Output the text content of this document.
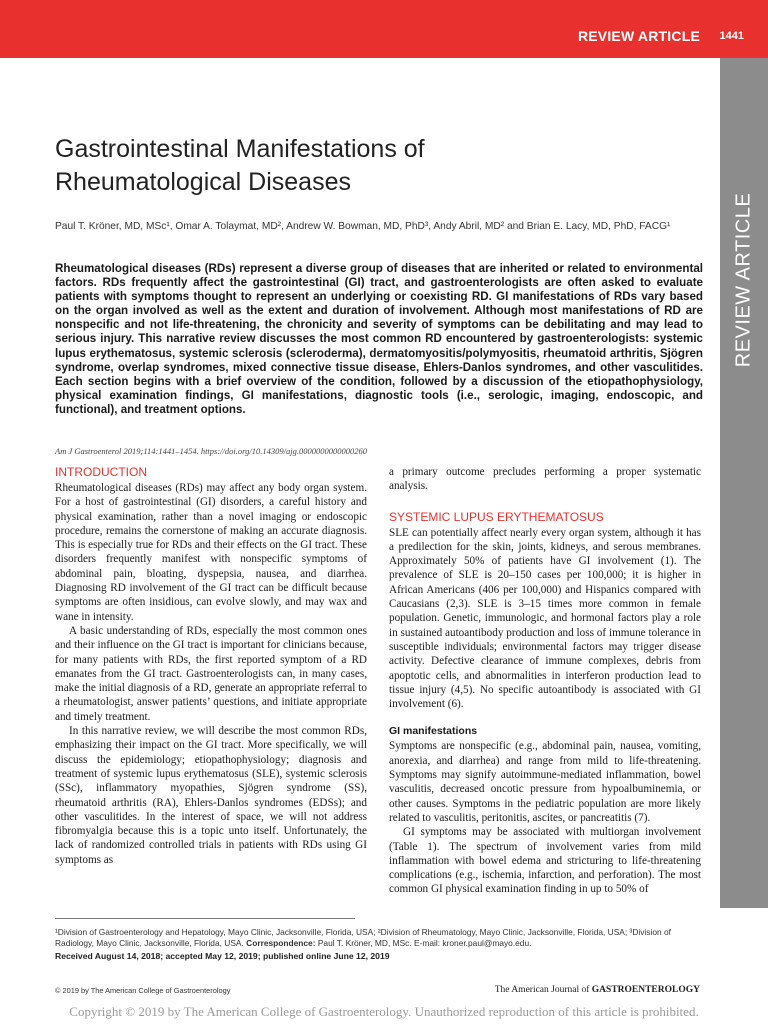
REVIEW ARTICLE 1441
REVIEW ARTICLE
Gastrointestinal Manifestations of
Rheumatological Diseases

Paul T. Kröner, MD, MSc¹, Omar A. Tolaymat, MD², Andrew W. Bowman, MD, PhD³, Andy Abril, MD² and Brian E. Lacy, MD, PhD, FACG¹

Rheumatological diseases (RDs) represent a diverse group of diseases that are inherited or related to environmental factors. RDs frequently affect the gastrointestinal (GI) tract, and gastroenterologists are often asked to evaluate patients with symptoms thought to represent an underlying or coexisting RD. GI manifestations of RDs vary based on the organ involved as well as the extent and duration of involvement. Although most manifestations of RD are nonspecific and not life-threatening, the chronicity and severity of symptoms can be debilitating and may lead to serious injury. This narrative review discusses the most common RD encountered by gastroenterologists: systemic lupus erythematosus, systemic sclerosis (scleroderma), dermatomyositis/polymyositis, rheumatoid arthritis, Sjögren syndrome, overlap syndromes, mixed connective tissue disease, Ehlers-Danlos syndromes, and other vasculitides. Each section begins with a brief overview of the condition, followed by a discussion of the etiopathophysiology, physical examination findings, GI manifestations, diagnostic tools (i.e., serologic, imaging, endoscopic, and functional), and treatment options.

Am J Gastroenterol 2019;114:1441–1454. https://doi.org/10.14309/ajg.0000000000000260

INTRODUCTION

Rheumatological diseases (RDs) may affect any body organ system. For a host of gastrointestinal (GI) disorders, a careful history and physical examination, rather than a novel imaging or endoscopic procedure, remains the cornerstone of making an accurate diagnosis. This is especially true for RDs and their effects on the GI tract. These disorders frequently manifest with nonspecific symptoms of abdominal pain, bloating, dyspepsia, nausea, and diarrhea. Diagnosing RD involvement of the GI tract can be difficult because symptoms are often insidious, can evolve slowly, and may wax and wane in intensity.

A basic understanding of RDs, especially the most common ones and their influence on the GI tract is important for clinicians because, for many patients with RDs, the first reported symptom of a RD emanates from the GI tract. Gastroenterologists can, in many cases, make the initial diagnosis of a RD, generate an appropriate referral to a rheumatologist, answer patients’ questions, and initiate appropriate and timely treatment.

In this narrative review, we will describe the most common RDs, emphasizing their impact on the GI tract. More specifically, we will discuss the epidemiology; etiopathophysiology; diagnosis and treatment of systemic lupus erythematosus (SLE), systemic sclerosis (SSc), inflammatory myopathies, Sjögren syndrome (SS), rheumatoid arthritis (RA), Ehlers-Danlos syndromes (EDSs); and other vasculitides. In the interest of space, we will not address fibromyalgia because this is a topic unto itself. Unfortunately, the lack of randomized controlled trials in patients with RDs using GI symptoms as

a primary outcome precludes performing a proper systematic analysis.

SYSTEMIC LUPUS ERYTHEMATOSUS

SLE can potentially affect nearly every organ system, although it has a predilection for the skin, joints, kidneys, and serous membranes. Approximately 50% of patients have GI involvement (1). The prevalence of SLE is 20–150 cases per 100,000; it is higher in African Americans (406 per 100,000) and Hispanics compared with Caucasians (2,3). SLE is 3–15 times more common in female population. Genetic, immunologic, and hormonal factors play a role in sustained autoantibody production and loss of immune tolerance in susceptible individuals; environmental factors may trigger disease activity. Defective clearance of immune complexes, debris from apoptotic cells, and abnormalities in interferon production lead to tissue injury (4,5). No specific autoantibody is associated with GI involvement (6).

GI manifestations

Symptoms are nonspecific (e.g., abdominal pain, nausea, vomiting, anorexia, and diarrhea) and range from mild to life-threatening. Symptoms may signify autoimmune-mediated inflammation, bowel vasculitis, decreased oncotic pressure from hypoalbuminemia, or other causes. Symptoms in the pediatric population are more likely related to vasculitis, peritonitis, ascites, or pancreatitis (7).

GI symptoms may be associated with multiorgan involvement (Table 1). The spectrum of involvement varies from mild inflammation with bowel edema and stricturing to life-threatening complications (e.g., ischemia, infarction, and perforation). The most common GI physical examination finding in up to 50% of

¹Division of Gastroenterology and Hepatology, Mayo Clinic, Jacksonville, Florida, USA; ²Division of Rheumatology, Mayo Clinic, Jacksonville, Florida, USA; ³Division of Radiology, Mayo Clinic, Jacksonville, Florida, USA. Correspondence: Paul T. Kröner, MD, MSc. E-mail: kroner.paul@mayo.edu.

Received August 14, 2018; accepted May 12, 2019; published online June 12, 2019

© 2019 by The American College of Gastroenterology	The American Journal of GASTROENTEROLOGY

Copyright © 2019 by The American College of Gastroenterology. Unauthorized reproduction of this article is prohibited.
